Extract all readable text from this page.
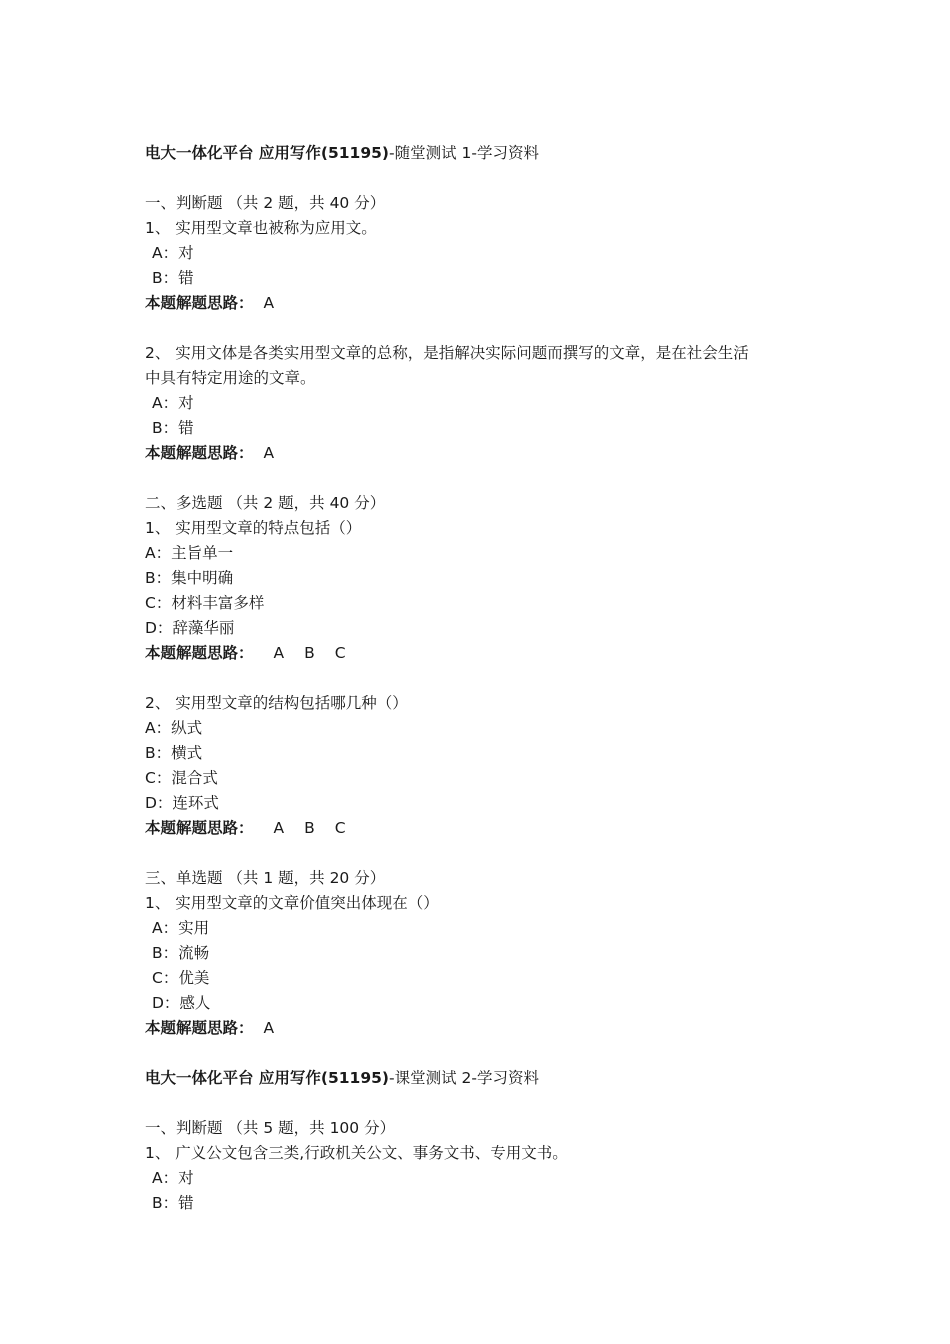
电大一体化平台 应用写作(51195)-随堂测试 1-学习资料
一、判断题 （共 2 题，共 40 分）
1、 实用型文章也被称为应用文。
A：对
B：错
本题解题思路： A
2、 实用文体是各类实用型文章的总称，是指解决实际问题而撰写的文章，是在社会生活
中具有特定用途的文章。
A：对
B：错
本题解题思路： A
二、多选题 （共 2 题，共 40 分）
1、 实用型文章的特点包括（）
A：主旨单一
B：集中明确
C：材料丰富多样
D：辞藻华丽
本题解题思路： A B C
2、 实用型文章的结构包括哪几种（）
A：纵式
B：横式
C：混合式
D：连环式
本题解题思路： A B C
三、单选题 （共 1 题，共 20 分）
1、 实用型文章的文章价值突出体现在（）
A：实用
B：流畅
C：优美
D：感人
本题解题思路： A
电大一体化平台 应用写作(51195)-课堂测试 2-学习资料
一、判断题 （共 5 题，共 100 分）
1、 广义公文包含三类,行政机关公文、事务文书、专用文书。
A：对
B：错
